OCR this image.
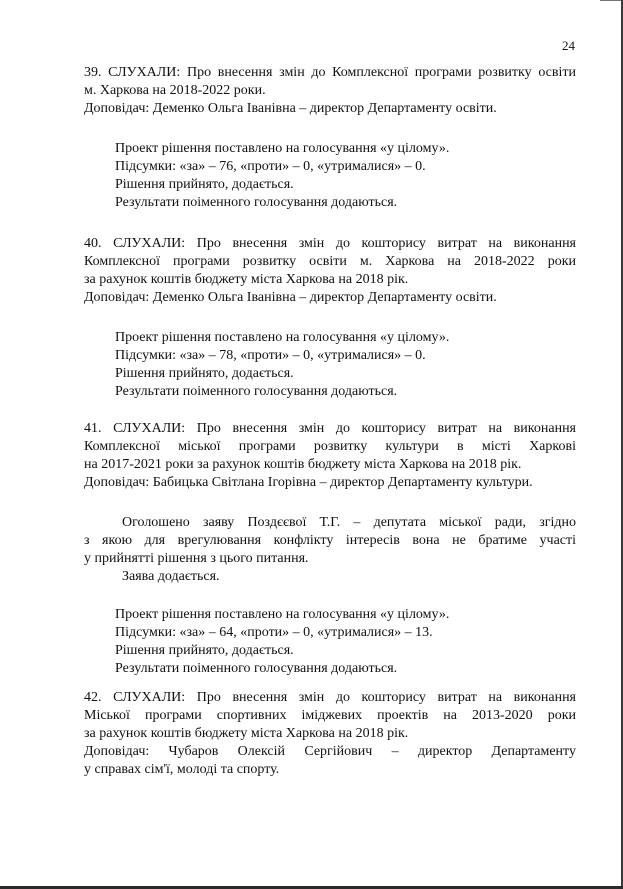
24

39. СЛУХАЛИ: Про внесення змін до Комплексної програми розвитку освіти

м. Харкова на 2018-2022 роки.

Доповідач: Деменко Ольга Іванівна – директор Департаменту освіти.

Проект рішення поставлено на голосування «у цілому».

Підсумки: «за» – 76, «проти» – 0, «утрималися» – 0.

Рішення прийнято, додається.

Результати поіменного голосування додаються.

40. СЛУХАЛИ: Про внесення змін до кошторису витрат на виконання

Комплексної програми розвитку освіти м. Харкова на 2018-2022 роки

за рахунок коштів бюджету міста Харкова на 2018 рік.

Доповідач: Деменко Ольга Іванівна – директор Департаменту освіти.

Проект рішення поставлено на голосування «у цілому».

Підсумки: «за» – 78, «проти» – 0, «утрималися» – 0.

Рішення прийнято, додається.

Результати поіменного голосування додаються.

41. СЛУХАЛИ: Про внесення змін до кошторису витрат на виконання

Комплексної міської програми розвитку культури в місті Харкові

на 2017-2021 роки за рахунок коштів бюджету міста Харкова на 2018 рік.

Доповідач: Бабицька Світлана Ігорівна – директор Департаменту культури.

Оголошено заяву Поздєєвої Т.Г. – депутата міської ради, згідно

з якою для врегулювання конфлікту інтересів вона не братиме участі

у прийнятті рішення з цього питання.

Заява додається.

Проект рішення поставлено на голосування «у цілому».

Підсумки: «за» – 64, «проти» – 0, «утрималися» – 13.

Рішення прийнято, додається.

Результати поіменного голосування додаються.

42. СЛУХАЛИ: Про внесення змін до кошторису витрат на виконання

Міської програми спортивних іміджевих проектів на 2013-2020 роки

за рахунок коштів бюджету міста Харкова на 2018 рік.

Доповідач: Чубаров Олексій Сергійович – директор Департаменту

у справах сім'ї, молоді та спорту.
